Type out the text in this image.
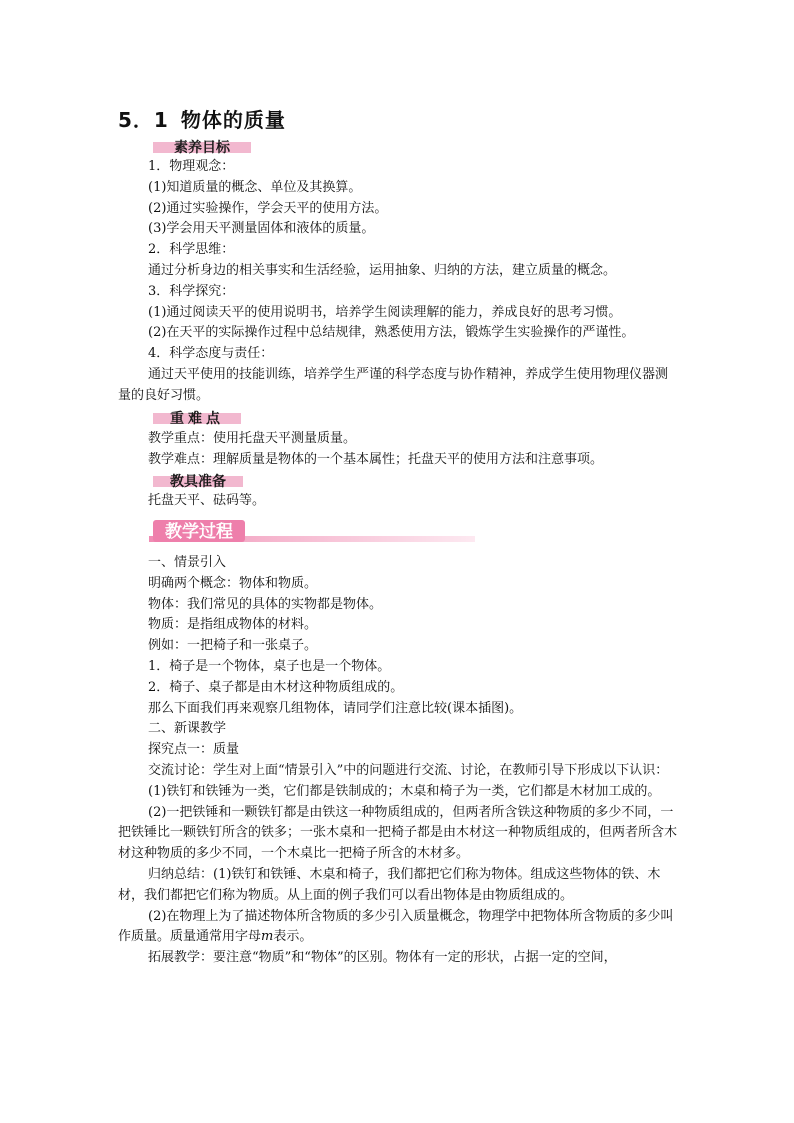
5．1 物体的质量
素养目标

1．物理观念：

(1)知道质量的概念、单位及其换算。

(2)通过实验操作，学会天平的使用方法。

(3)学会用天平测量固体和液体的质量。

2．科学思维：

通过分析身边的相关事实和生活经验，运用抽象、归纳的方法，建立质量的概念。

3．科学探究：

(1)通过阅读天平的使用说明书，培养学生阅读理解的能力，养成良好的思考习惯。

(2)在天平的实际操作过程中总结规律，熟悉使用方法，锻炼学生实验操作的严谨性。

4．科学态度与责任：

通过天平使用的技能训练，培养学生严谨的科学态度与协作精神，养成学生使用物理仪器测量的良好习惯。

重难点

教学重点：使用托盘天平测量质量。

教学难点：理解质量是物体的一个基本属性；托盘天平的使用方法和注意事项。

教具准备

托盘天平、砝码等。

教学过程

一、情景引入

明确两个概念：物体和物质。

物体：我们常见的具体的实物都是物体。

物质：是指组成物体的材料。

例如：一把椅子和一张桌子。

1．椅子是一个物体，桌子也是一个物体。

2．椅子、桌子都是由木材这种物质组成的。

那么下面我们再来观察几组物体，请同学们注意比较(课本插图)。

二、新课教学

探究点一：质量

交流讨论：学生对上面“情景引入”中的问题进行交流、讨论，在教师引导下形成以下认识：

(1)铁钉和铁锤为一类，它们都是铁制成的；木桌和椅子为一类，它们都是木材加工成的。

(2)一把铁锤和一颗铁钉都是由铁这一种物质组成的，但两者所含铁这种物质的多少不同，一把铁锤比一颗铁钉所含的铁多；一张木桌和一把椅子都是由木材这一种物质组成的，但两者所含木材这种物质的多少不同，一个木桌比一把椅子所含的木材多。

归纳总结：(1)铁钉和铁锤、木桌和椅子，我们都把它们称为物体。组成这些物体的铁、木材，我们都把它们称为物质。从上面的例子我们可以看出物体是由物质组成的。

(2)在物理上为了描述物体所含物质的多少引入质量概念，物理学中把物体所含物质的多少叫作质量。质量通常用字母m表示。

拓展教学：要注意“物质”和“物体”的区别。物体有一定的形状，占据一定的空间，
